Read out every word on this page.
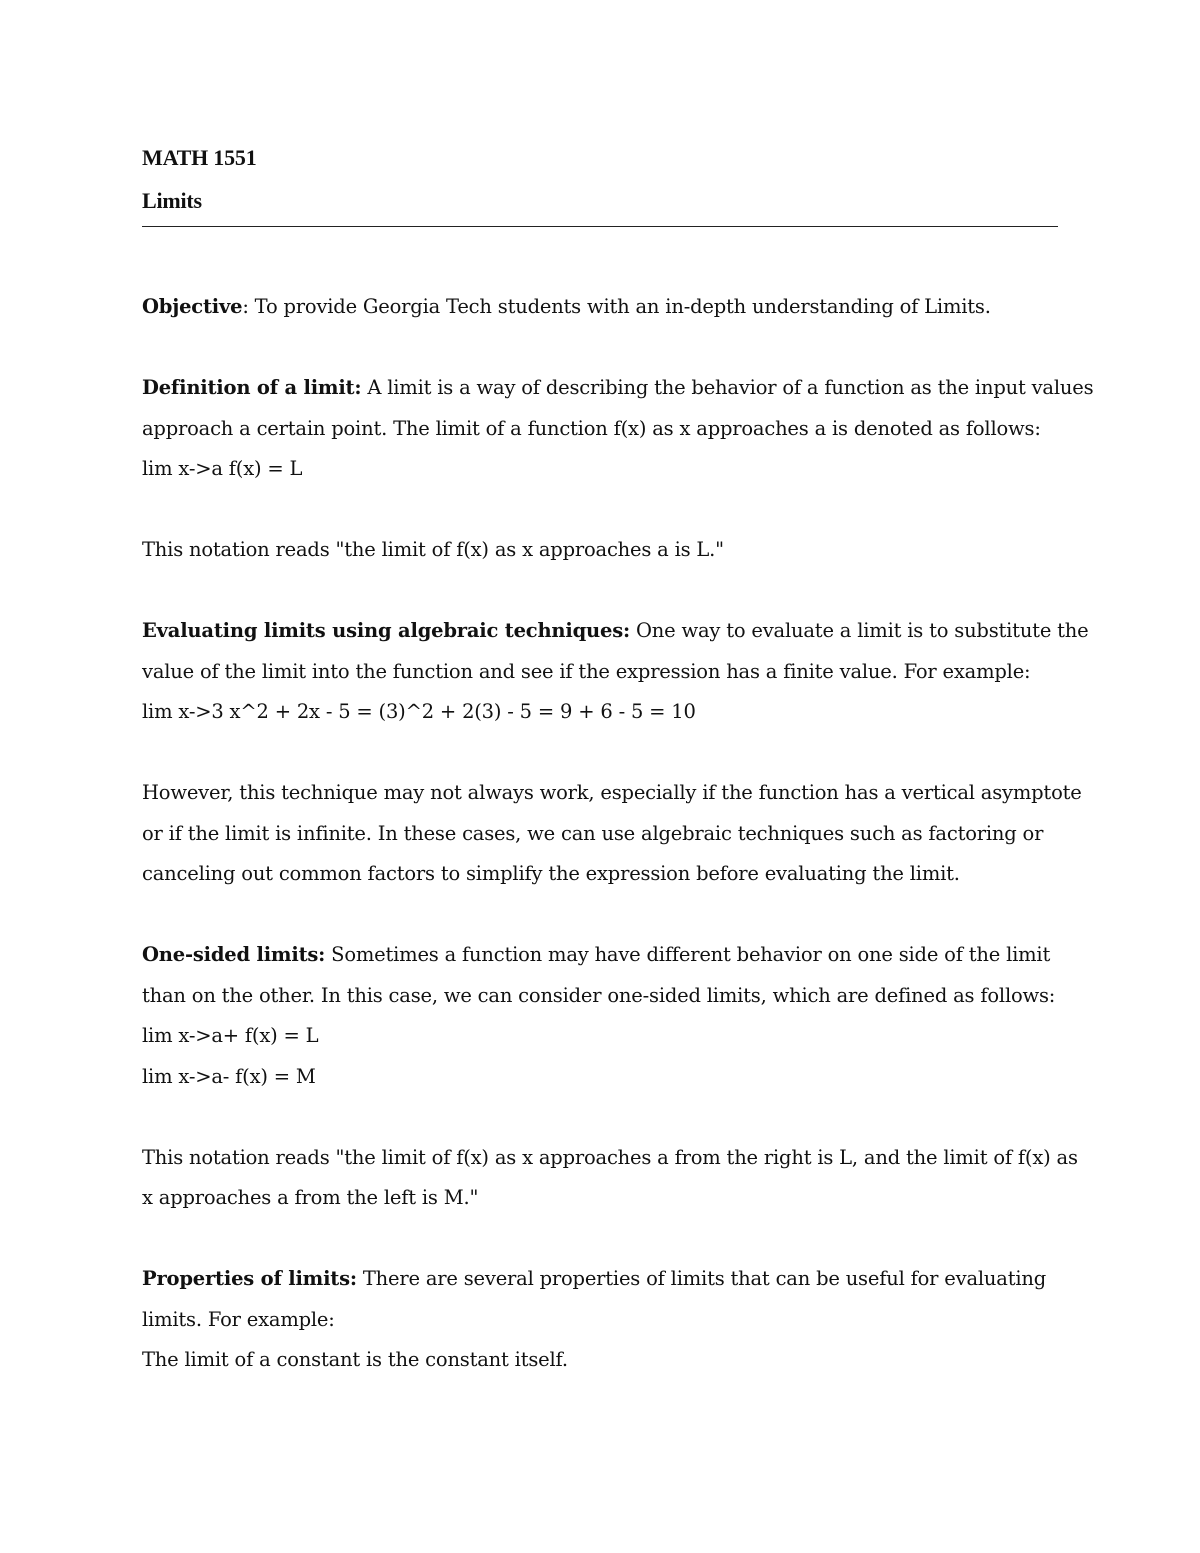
MATH 1551
Limits

Objective: To provide Georgia Tech students with an in-depth understanding of Limits.

Definition of a limit: A limit is a way of describing the behavior of a function as the input values
approach a certain point. The limit of a function f(x) as x approaches a is denoted as follows:
lim x->a f(x) = L

This notation reads "the limit of f(x) as x approaches a is L."

Evaluating limits using algebraic techniques: One way to evaluate a limit is to substitute the
value of the limit into the function and see if the expression has a finite value. For example:
lim x->3 x^2 + 2x - 5 = (3)^2 + 2(3) - 5 = 9 + 6 - 5 = 10

However, this technique may not always work, especially if the function has a vertical asymptote
or if the limit is infinite. In these cases, we can use algebraic techniques such as factoring or
canceling out common factors to simplify the expression before evaluating the limit.

One-sided limits: Sometimes a function may have different behavior on one side of the limit
than on the other. In this case, we can consider one-sided limits, which are defined as follows:
lim x->a+ f(x) = L
lim x->a- f(x) = M

This notation reads "the limit of f(x) as x approaches a from the right is L, and the limit of f(x) as
x approaches a from the left is M."

Properties of limits: There are several properties of limits that can be useful for evaluating
limits. For example:
The limit of a constant is the constant itself.
